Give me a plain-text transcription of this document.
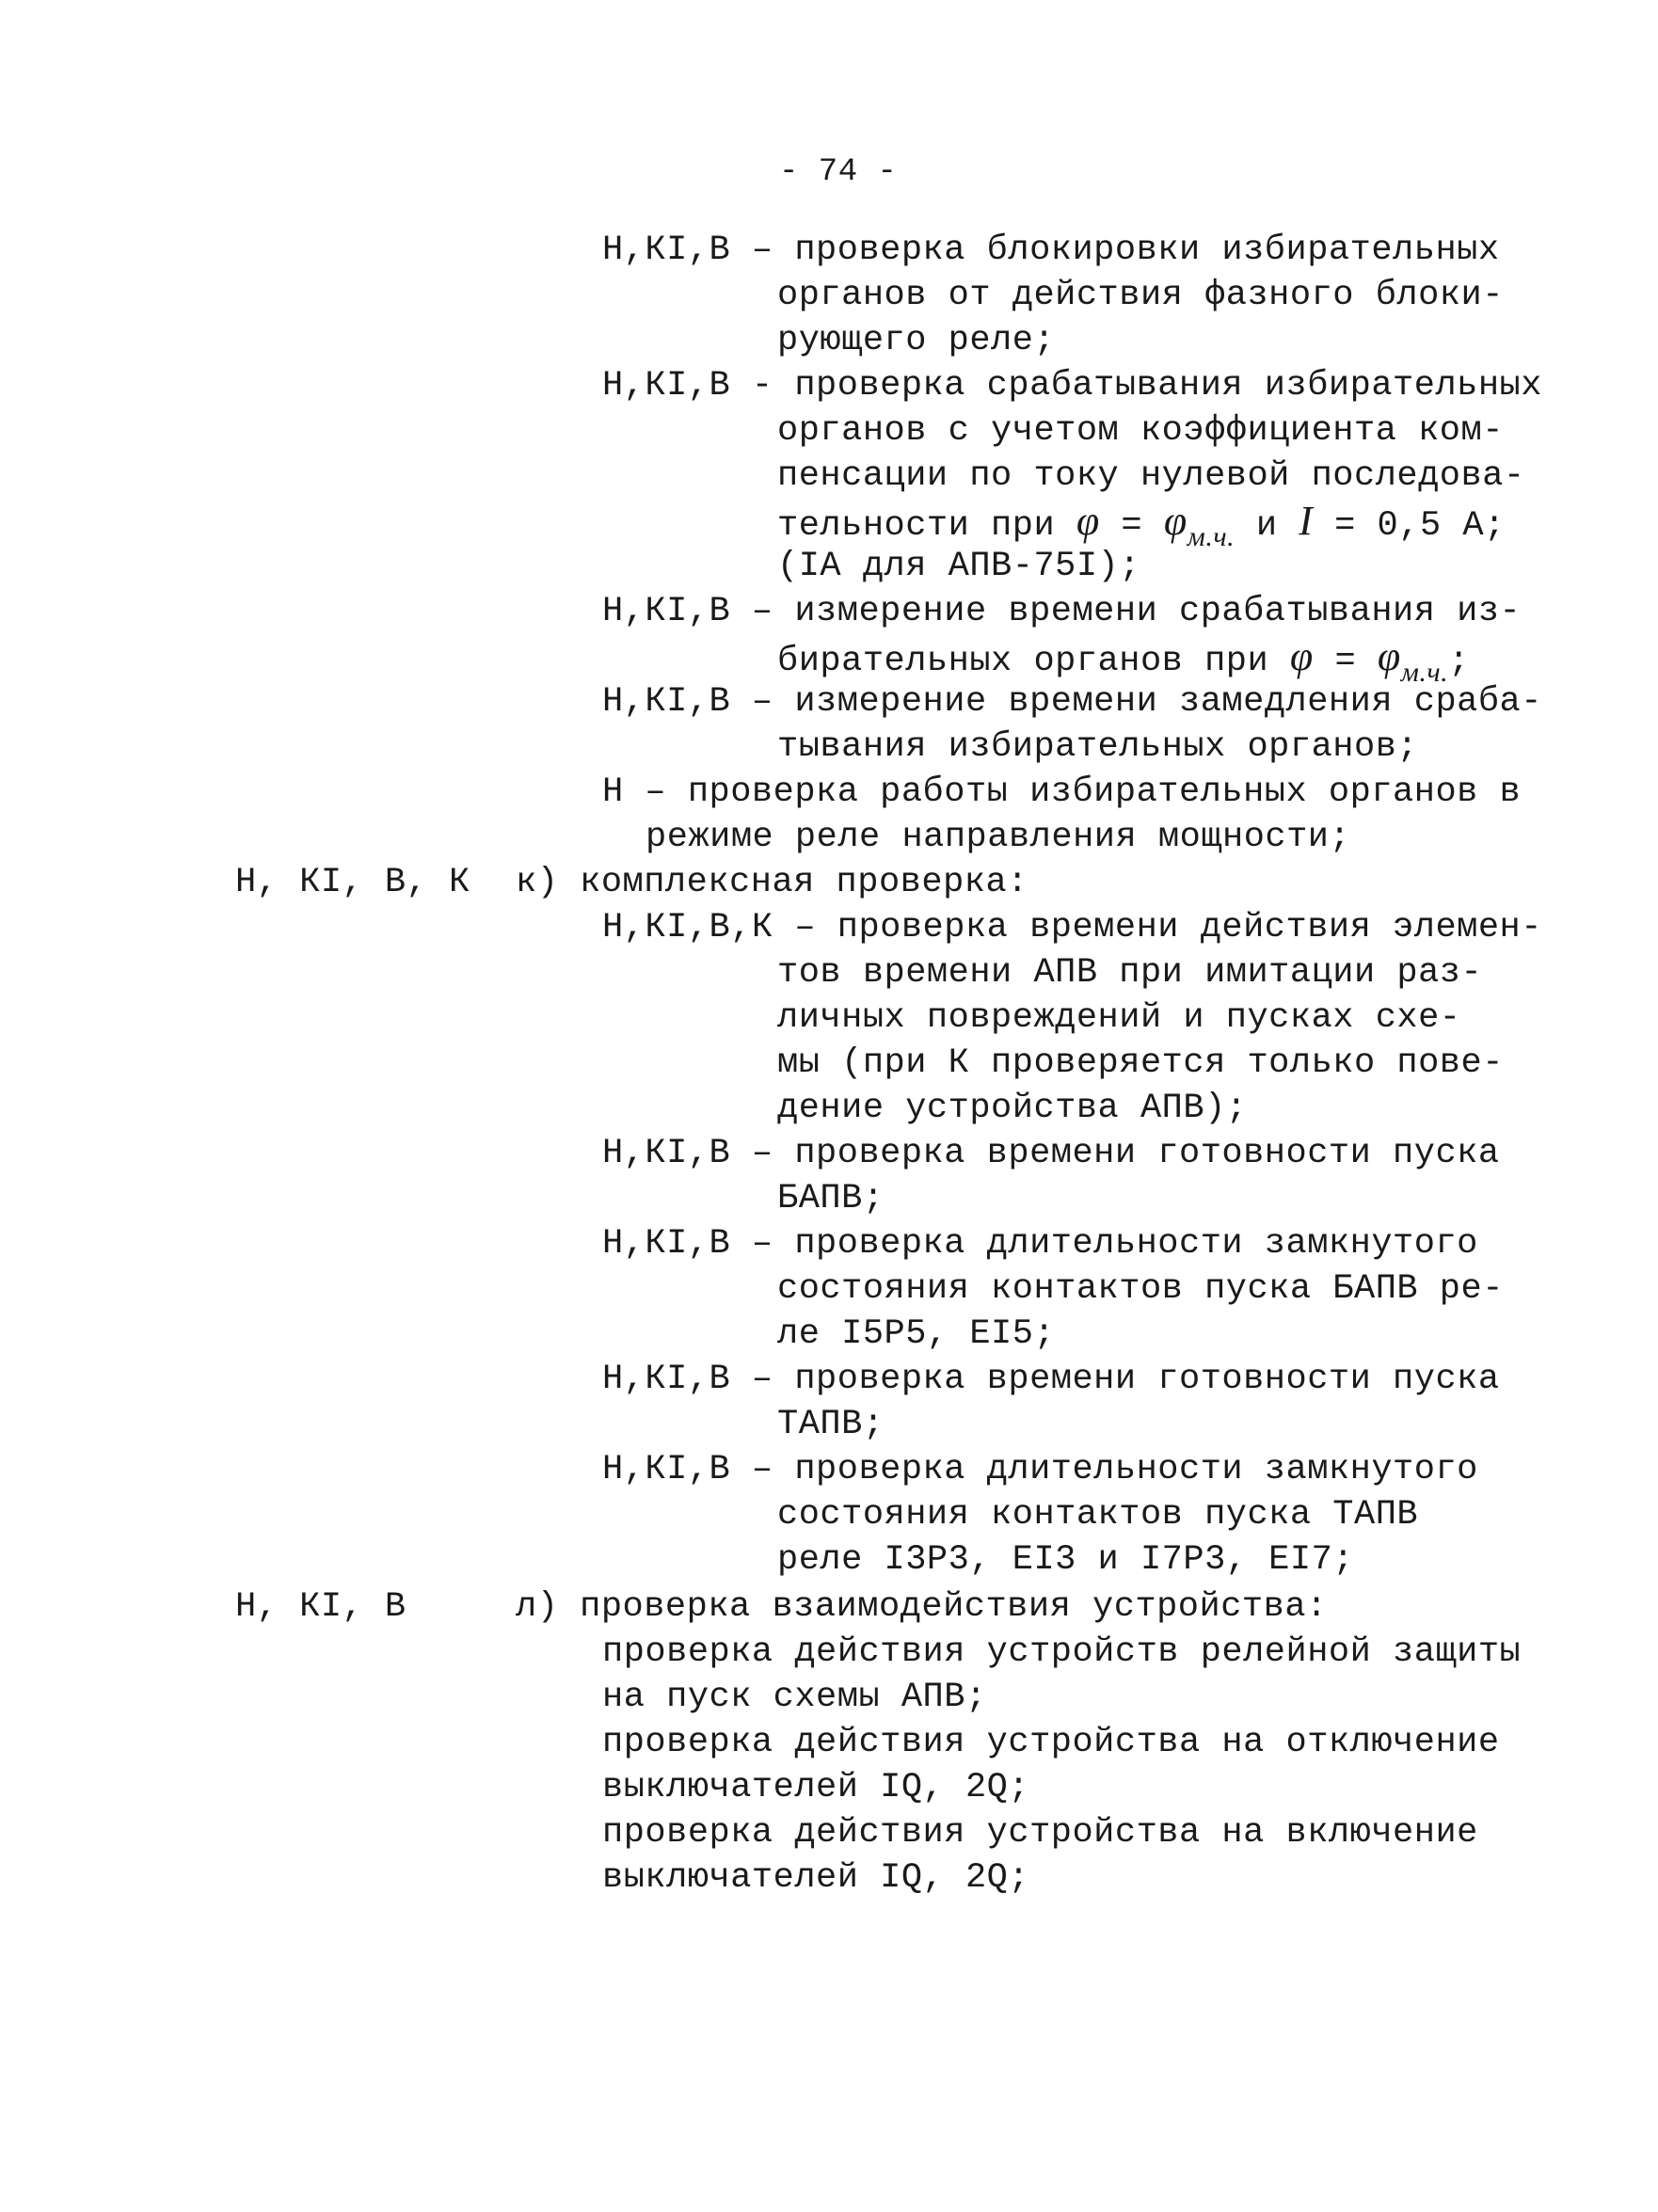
- 74 -
Н,КI,В – проверка блокировки избирательных
органов от действия фазного блоки-
рующего реле;
Н,КI,В - проверка срабатывания избирательных
органов с учетом коэффициента ком-
пенсации по току нулевой последова-
тельности при $\varphi = \varphi_{м.ч.}$ и I = 0,5 А;
(IA для АПВ-75I);
Н,КI,В – измерение времени срабатывания из-
бирательных органов при $\varphi = \varphi_{м.ч.}$;
Н,КI,В – измерение времени замедления сраба-
тывания избирательных органов;
Н – проверка работы избирательных органов в
режиме реле направления мощности;
Н, КI, В, К к) комплексная проверка:
Н,КI,В,К – проверка времени действия элемен-
тов времени АПВ при имитации раз-
личных повреждений и пусках схе-
мы (при К проверяется только пове-
дение устройства АПВ);
Н,КI,В – проверка времени готовности пуска
БАПВ;
Н,КI,В – проверка длительности замкнутого
состояния контактов пуска БАПВ ре-
ле I5Р5, ЕI5;
Н,КI,В – проверка времени готовности пуска
ТАПВ;
Н,КI,В – проверка длительности замкнутого
состояния контактов пуска ТАПВ
реле I3Р3, ЕI3 и I7Р3, ЕI7;
Н, КI, В	л) проверка взаимодействия устройства:
проверка действия устройств релейной защиты
на пуск схемы АПВ;
проверка действия устройства на отключение
выключателей IQ, 2Q;
проверка действия устройства на включение
выключателей IQ, 2Q;
